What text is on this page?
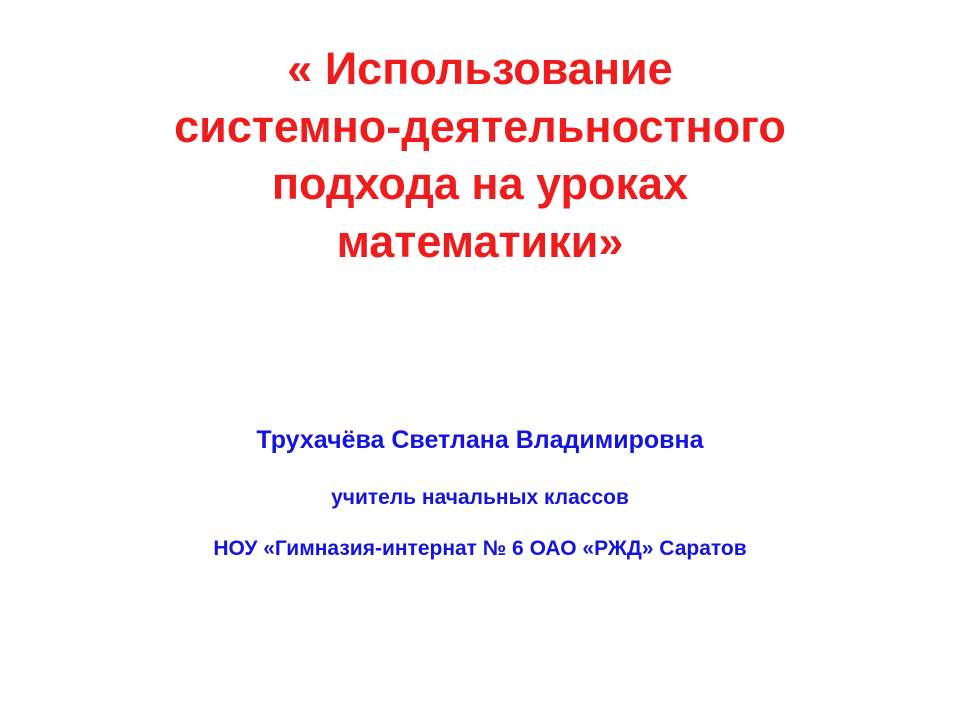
« Использование
системно-деятельностного
подхода на уроках
математики»
Трухачёва Светлана Владимировна
учитель начальных классов
НОУ «Гимназия-интернат № 6 ОАО «РЖД» Саратов
